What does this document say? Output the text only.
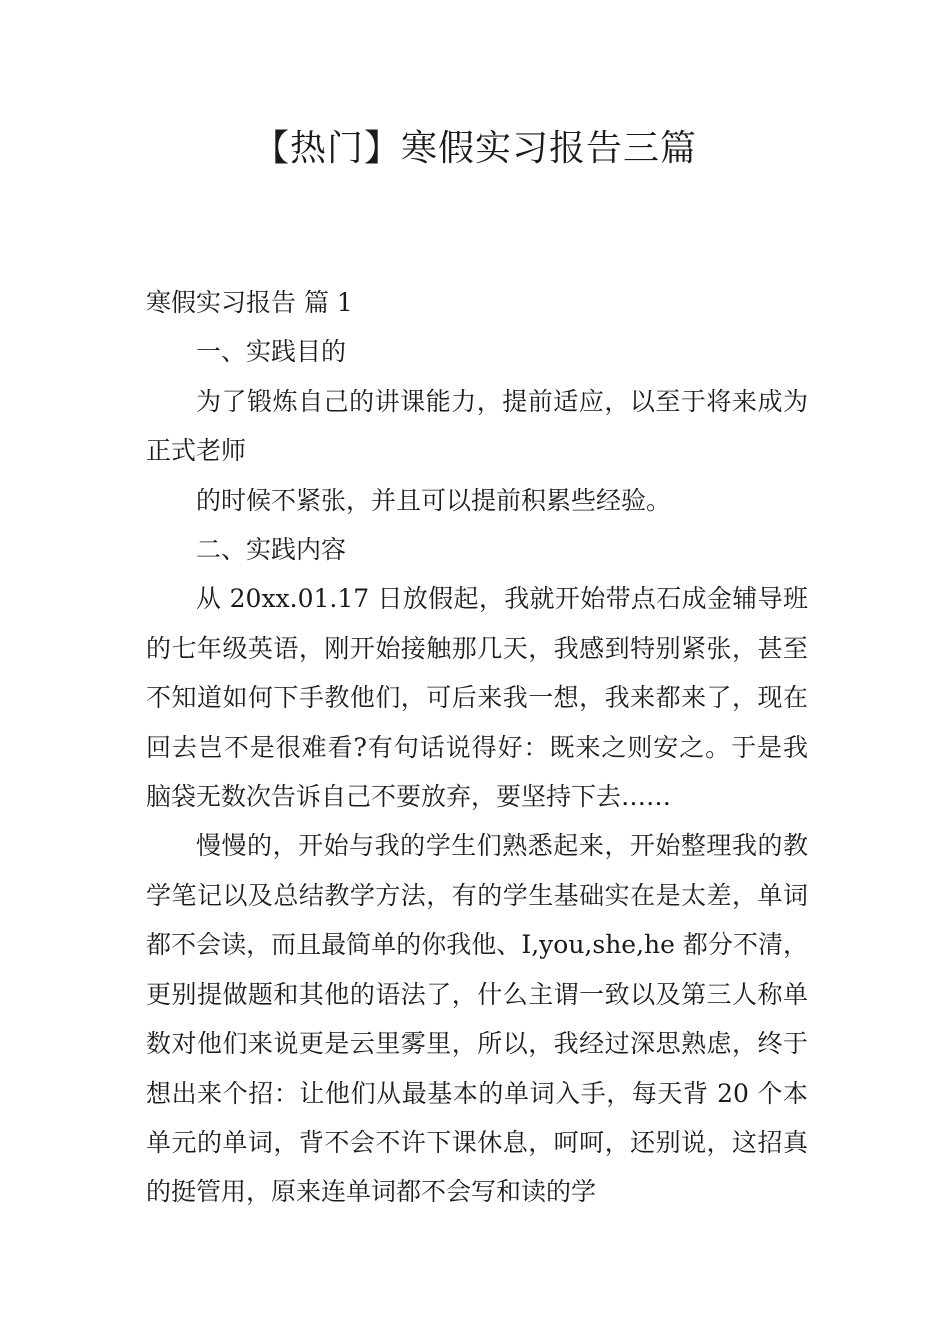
【热门】寒假实习报告三篇

寒假实习报告 篇 1

一、实践目的

为了锻炼自己的讲课能力，提前适应，以至于将来成为正式老师

的时候不紧张，并且可以提前积累些经验。

二、实践内容

从 20xx.01.17 日放假起，我就开始带点石成金辅导班的七年级英语，刚开始接触那几天，我感到特别紧张，甚至不知道如何下手教他们，可后来我一想，我来都来了，现在回去岂不是很难看?有句话说得好：既来之则安之。于是我脑袋无数次告诉自己不要放弃，要坚持下去……

慢慢的，开始与我的学生们熟悉起来，开始整理我的教学笔记以及总结教学方法，有的学生基础实在是太差，单词都不会读，而且最简单的你我他、I,you,she,he 都分不清，更别提做题和其他的语法了，什么主谓一致以及第三人称单数对他们来说更是云里雾里，所以，我经过深思熟虑，终于想出来个招：让他们从最基本的单词入手，每天背 20 个本单元的单词，背不会不许下课休息，呵呵，还别说，这招真的挺管用，原来连单词都不会写和读的学
